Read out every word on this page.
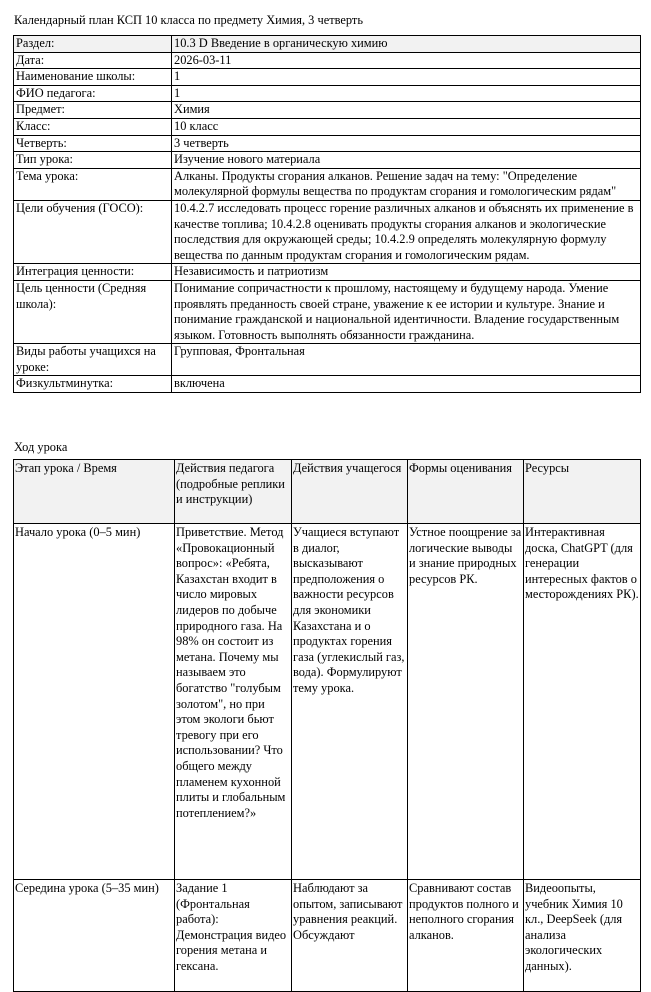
Календарный план КСП 10 класса по предмету Химия, 3 четверть
Раздел:	10.3 D Введение в органическую химию
Дата:	2026-03-11
Наименование школы:	1
ФИО педагога:	1
Предмет:	Химия
Класс:	10 класс
Четверть:	3 четверть
Тип урока:	Изучение нового материала
Тема урока:	Алканы. Продукты сгорания алканов. Решение задач на тему: "Определение молекулярной формулы вещества по продуктам сгорания и гомологическим рядам"
Цели обучения (ГОСО):	10.4.2.7 исследовать процесс горение различных алканов и объяснять их применение в качестве топлива; 10.4.2.8 оценивать продукты сгорания алканов и экологические последствия для окружающей среды; 10.4.2.9 определять молекулярную формулу вещества по данным продуктам сгорания и гомологическим рядам.
Интеграция ценности:	Независимость и патриотизм
Цель ценности (Средняя школа):	Понимание сопричастности к прошлому, настоящему и будущему народа. Умение проявлять преданность своей стране, уважение к ее истории и культуре. Знание и понимание гражданской и национальной идентичности. Владение государственным языком. Готовность выполнять обязанности гражданина.
Виды работы учащихся на уроке:	Групповая, Фронтальная
Физкультминутка:	включена
Ход урока
Этап урока / Время	Действия педагога (подробные реплики и инструкции)	Действия учащегося	Формы оценивания	Ресурсы
Начало урока (0–5 мин)	Приветствие. Метод «Провокационный вопрос»: «Ребята, Казахстан входит в число мировых лидеров по добыче природного газа. На 98% он состоит из метана. Почему мы называем это богатство "голубым золотом", но при этом экологи бьют тревогу при его использовании? Что общего между пламенем кухонной плиты и глобальным потеплением?»	Учащиеся вступают в диалог, высказывают предположения о важности ресурсов для экономики Казахстана и о продуктах горения газа (углекислый газ, вода). Формулируют тему урока.	Устное поощрение за логические выводы и знание природных ресурсов РК.	Интерактивная доска, ChatGPT (для генерации интересных фактов о месторождениях РК).

Середина урока (5–35 мин)	Задание 1 (Фронтальная работа): Демонстрация видео горения метана и гексана.	Наблюдают за опытом, записывают уравнения реакций. Обсуждают	Сравнивают состав продуктов полного и неполного сгорания алканов.	Видеоопыты, учебник Химия 10 кл., DeepSeek (для анализа экологических данных).
